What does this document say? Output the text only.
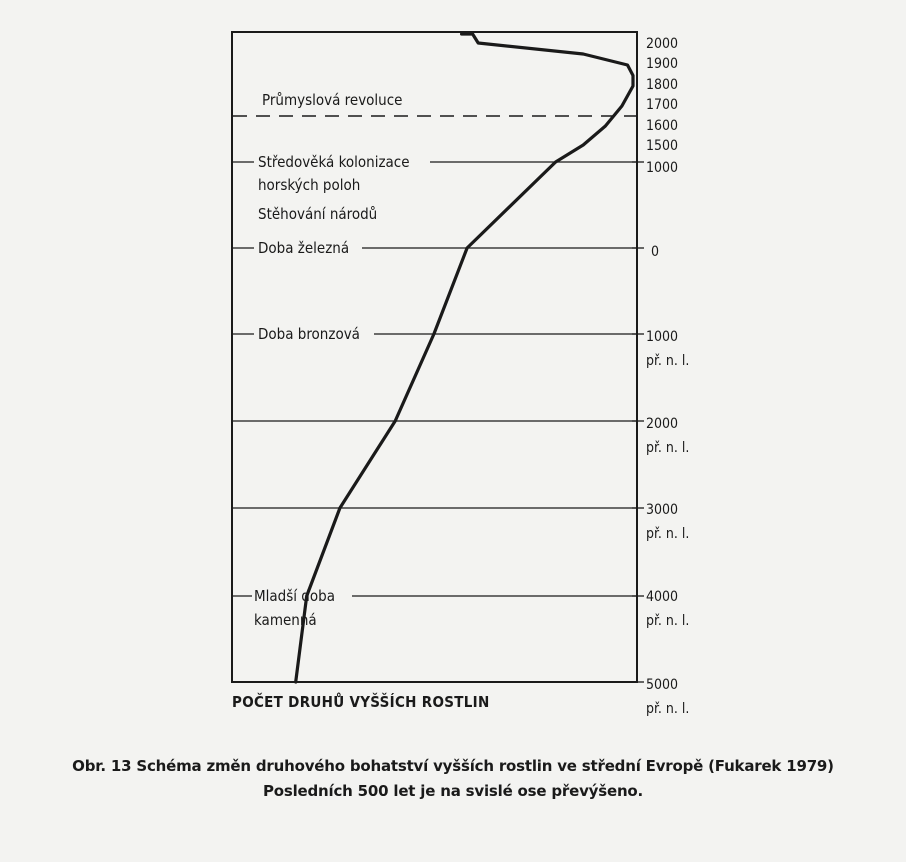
Průmyslová revoluce
Středověká kolonizace
horských poloh
Stěhování národů
Doba železná
Doba bronzová
Mladší doba
kamenná
POČET DRUHŮ VYŠŠÍCH ROSTLIN
2000
1900
1800
1700
1600
1500
1000
0
1000
př. n. l.
2000
př. n. l.
3000
př. n. l.
4000
př. n. l.
5000
př. n. l.
Obr. 13 Schéma změn druhového bohatství vyšších rostlin ve střední Evropě (Fukarek 1979)
Posledních 500 let je na svislé ose převýšeno.
